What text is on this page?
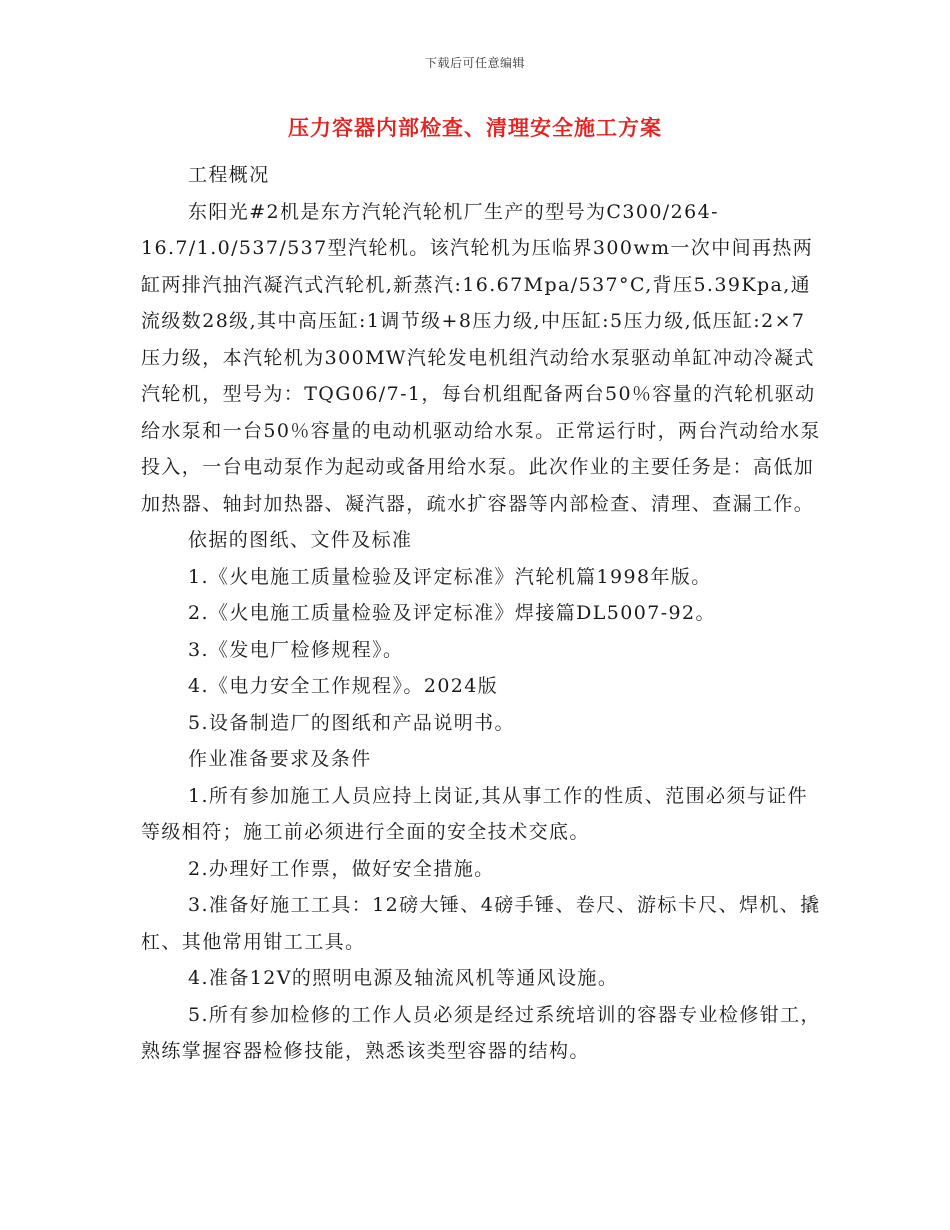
下载后可任意编辑
压力容器内部检查、清理安全施工方案

工程概况

东阳光#2机是东方汽轮汽轮机厂生产的型号为C300/264-16.7/1.0/537/537型汽轮机。该汽轮机为压临界300wm一次中间再热两缸两排汽抽汽凝汽式汽轮机,新蒸汽:16.67Mpa/537°C,背压5.39Kpa,通流级数28级,其中高压缸:1调节级+8压力级,中压缸:5压力级,低压缸:2×7压力级，本汽轮机为300MW汽轮发电机组汽动给水泵驱动单缸冲动冷凝式汽轮机，型号为：TQG06/7-1，每台机组配备两台50％容量的汽轮机驱动给水泵和一台50％容量的电动机驱动给水泵。正常运行时，两台汽动给水泵投入，一台电动泵作为起动或备用给水泵。此次作业的主要任务是：高低加加热器、轴封加热器、凝汽器，疏水扩容器等内部检查、清理、查漏工作。

依据的图纸、文件及标准

1.《火电施工质量检验及评定标准》汽轮机篇1998年版。

2.《火电施工质量检验及评定标准》焊接篇DL5007-92。

3.《发电厂检修规程》。

4.《电力安全工作规程》。2024版

5.设备制造厂的图纸和产品说明书。

作业准备要求及条件

1.所有参加施工人员应持上岗证,其从事工作的性质、范围必须与证件等级相符；施工前必须进行全面的安全技术交底。

2.办理好工作票，做好安全措施。

3.准备好施工工具：12磅大锤、4磅手锤、卷尺、游标卡尺、焊机、撬杠、其他常用钳工工具。

4.准备12V的照明电源及轴流风机等通风设施。

5.所有参加检修的工作人员必须是经过系统培训的容器专业检修钳工，熟练掌握容器检修技能，熟悉该类型容器的结构。
